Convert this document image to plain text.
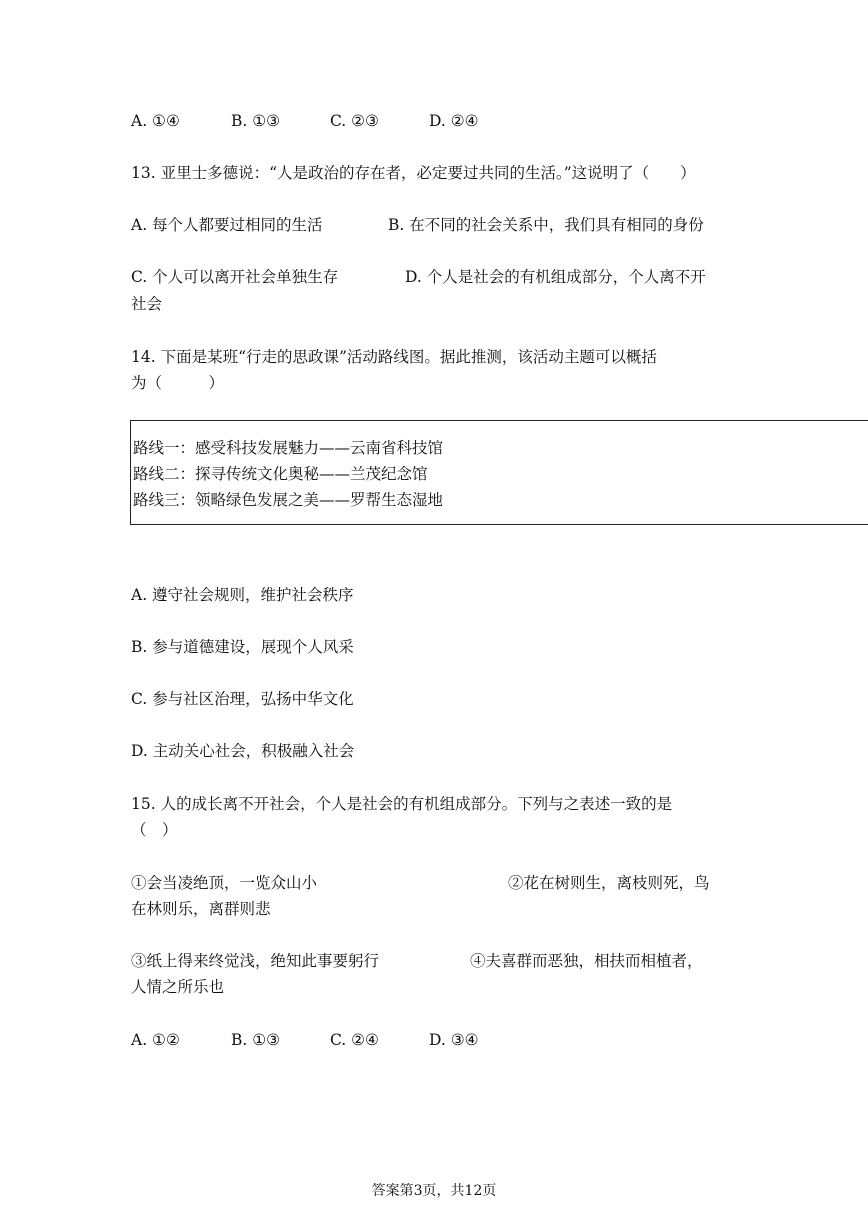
A. ①④	B. ①③	C. ②③	D. ②④
13. 亚里士多德说：“人是政治的存在者，必定要过共同的生活。”这说明了（　　）
A. 每个人都要过相同的生活	B. 在不同的社会关系中，我们具有相同的身份
C. 个人可以离开社会单独生存	D. 个人是社会的有机组成部分，个人离不开
社会
14. 下面是某班“行走的思政课”活动路线图。据此推测，该活动主题可以概括
为（　　　）
路线一：感受科技发展魅力——云南省科技馆
路线二：探寻传统文化奥秘——兰茂纪念馆
路线三：领略绿色发展之美——罗帮生态湿地
A. 遵守社会规则，维护社会秩序
B. 参与道德建设，展现个人风采
C. 参与社区治理，弘扬中华文化
D. 主动关心社会，积极融入社会
15. 人的成长离不开社会，个人是社会的有机组成部分。下列与之表述一致的是
（　）
①会当凌绝顶，一览众山小	②花在树则生，离枝则死，鸟
在林则乐，离群则悲
③纸上得来终觉浅，绝知此事要躬行	④夫喜群而恶独，相扶而相植者，
人情之所乐也
A. ①②	B. ①③	C. ②④	D. ③④
答案第3页，共12页
